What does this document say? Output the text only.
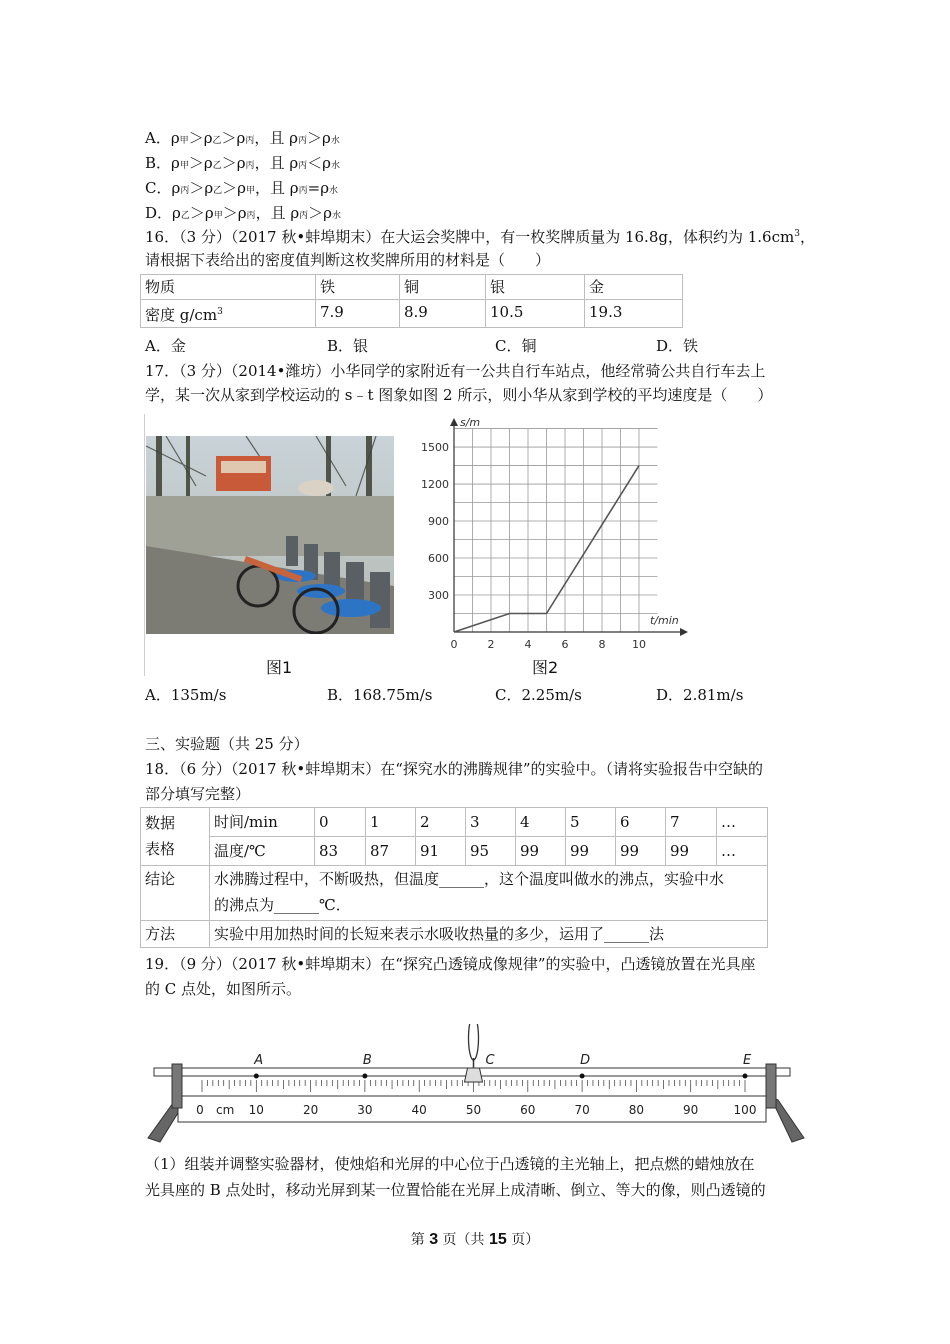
A．ρ甲＞ρ乙＞ρ丙，且 ρ丙＞ρ水
B．ρ甲＞ρ乙＞ρ丙，且 ρ丙＜ρ水
C．ρ丙＞ρ乙＞ρ甲，且 ρ丙=ρ水
D．ρ乙＞ρ甲＞ρ丙，且 ρ丙＞ρ水
16．（3 分）（2017 秋•蚌埠期末）在大运会奖牌中，有一枚奖牌质量为 16.8g，体积约为 $1.6cm^3$，
请根据下表给出的密度值判断这枚奖牌所用的材料是（　　）
物质	铁	铜	银	金
密度 $g/cm^3$	7.9	8.9	10.5	19.3
A．金	B．银	C．铜	D．铁
17．（3 分）（2014•潍坊）小华同学的家附近有一公共自行车站点，他经常骑公共自行车去上
学，某一次从家到学校运动的 s﹣t 图象如图 2 所示，则小华从家到学校的平均速度是（　　）
图1
300
600
900
1200
1500
0	2	4	6	8 10
s/m
t/min
图2
A．135m/s	B．168.75m/s	C．2.25m/s	D．2.81m/s
三、实验题（共 25 分）
18．（6 分）（2017 秋•蚌埠期末）在“探究水的沸腾规律”的实验中。（请将实验报告中空缺的
部分填写完整）
数据
表格	时间/min	0	1	2	3	4	5	6	7	…
	温度/℃	83	87	91	95	99	99	99	99	…
结论	水沸腾过程中，不断吸热，但温度______，这个温度叫做水的沸点，实验中水
的沸点为______℃．									
方法	实验中用加热时间的长短来表示水吸收热量的多少，运用了______法									
19．（9 分）（2017 秋•蚌埠期末）在“探究凸透镜成像规律”的实验中，凸透镜放置在光具座
的 C 点处，如图所示。
0	10	20	30	40	50	60	70	80	90	100
cm
A	B	C	D	E
（1）组装并调整实验器材，使烛焰和光屏的中心位于凸透镜的主光轴上，把点燃的蜡烛放在
光具座的 B 点处时，移动光屏到某一位置恰能在光屏上成清晰、倒立、等大的像，则凸透镜的
第 3 页（共 15 页）
